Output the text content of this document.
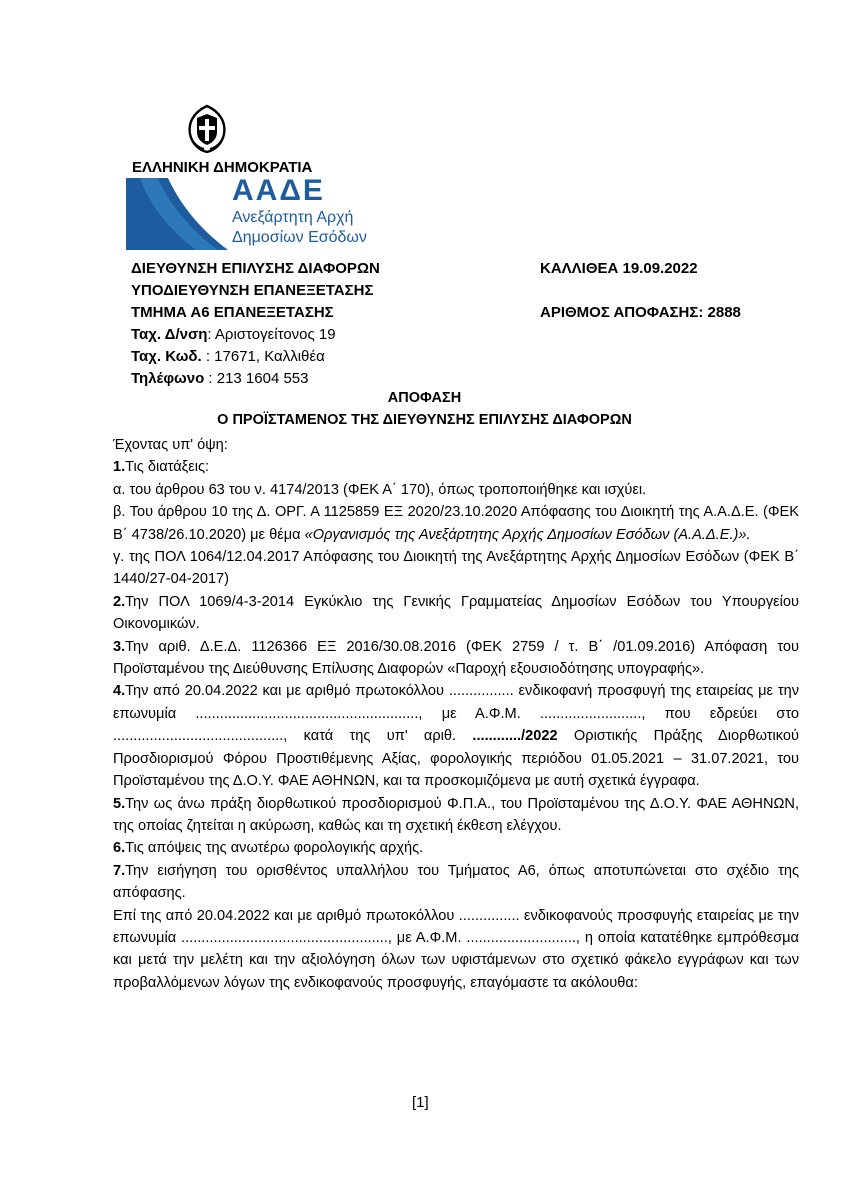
ΕΛΛΗΝΙΚΗ ΔΗΜΟΚΡΑΤΙΑ
ΑΑΔΕ
Ανεξάρτητη Αρχή
Δημοσίων Εσόδων
ΔΙΕΥΘΥΝΣΗ ΕΠΙΛΥΣΗΣ ΔΙΑΦΟΡΩΝ
ΥΠΟΔΙΕΥΘΥΝΣΗ ΕΠΑΝΕΞΕΤΑΣΗΣ
ΤΜΗΜΑ Α6 ΕΠΑΝΕΞΕΤΑΣΗΣ
ΚΑΛΛΙΘΕΑ 19.09.2022
ΑΡΙΘΜΟΣ ΑΠΟΦΑΣΗΣ: 2888
Ταχ. Δ/νση: Αριστογείτονος 19
Ταχ. Κωδ. : 17671, Καλλιθέα
Τηλέφωνο : 213 1604 553
ΑΠΟΦΑΣΗ
Ο ΠΡΟΪΣΤΑΜΕΝΟΣ ΤΗΣ ΔΙΕΥΘΥΝΣΗΣ ΕΠΙΛΥΣΗΣ ΔΙΑΦΟΡΩΝ

Έχοντας υπ' όψη:

1.Τις διατάξεις:

α. του άρθρου 63 του ν. 4174/2013 (ΦΕΚ Α΄ 170), όπως τροποποιήθηκε και ισχύει.

β. Του άρθρου 10 της Δ. ΟΡΓ. Α 1125859 ΕΞ 2020/23.10.2020 Απόφασης του Διοικητή της Α.Α.Δ.Ε. (ΦΕΚ Β΄ 4738/26.10.2020) με θέμα «Οργανισμός της Ανεξάρτητης Αρχής Δημοσίων Εσόδων (Α.Α.Δ.Ε.)».

γ. της ΠΟΛ 1064/12.04.2017 Απόφασης του Διοικητή της Ανεξάρτητης Αρχής Δημοσίων Εσόδων (ΦΕΚ Β΄ 1440/27-04-2017)

2.Την ΠΟΛ 1069/4-3-2014 Εγκύκλιο της Γενικής Γραμματείας Δημοσίων Εσόδων του Υπουργείου Οικονομικών.

3.Την αριθ. Δ.Ε.Δ. 1126366 ΕΞ 2016/30.08.2016 (ΦΕΚ 2759 / τ. Β΄ /01.09.2016) Απόφαση του Προϊσταμένου της Διεύθυνσης Επίλυσης Διαφορών «Παροχή εξουσιοδότησης υπογραφής».

4.Την από 20.04.2022 και με αριθμό πρωτοκόλλου ................ ενδικοφανή προσφυγή της εταιρείας με την επωνυμία ......................................................., με Α.Φ.Μ. ........................., που εδρεύει στο .........................................., κατά της υπ' αριθ. ............/2022 Οριστικής Πράξης Διορθωτικού Προσδιορισμού Φόρου Προστιθέμενης Αξίας, φορολογικής περιόδου 01.05.2021 – 31.07.2021, του Προϊσταμένου της Δ.Ο.Υ. ΦΑΕ ΑΘΗΝΩΝ, και τα προσκομιζόμενα με αυτή σχετικά έγγραφα.

5.Την ως άνω πράξη διορθωτικού προσδιορισμού Φ.Π.Α., του Προϊσταμένου της Δ.Ο.Υ. ΦΑΕ ΑΘΗΝΩΝ, της οποίας ζητείται η ακύρωση, καθώς και τη σχετική έκθεση ελέγχου.

6.Τις απόψεις της ανωτέρω φορολογικής αρχής.

7.Την εισήγηση του ορισθέντος υπαλλήλου του Τμήματος Α6, όπως αποτυπώνεται στο σχέδιο της απόφασης.

Επί της από 20.04.2022 και με αριθμό πρωτοκόλλου ............... ενδικοφανούς προσφυγής εταιρείας με την επωνυμία ..................................................., με Α.Φ.Μ. ..........................., η οποία κατατέθηκε εμπρόθεσμα και μετά την μελέτη και την αξιολόγηση όλων των υφιστάμενων στο σχετικό φάκελο εγγράφων και των προβαλλόμενων λόγων της ενδικοφανούς προσφυγής, επαγόμαστε τα ακόλουθα:

[1]
